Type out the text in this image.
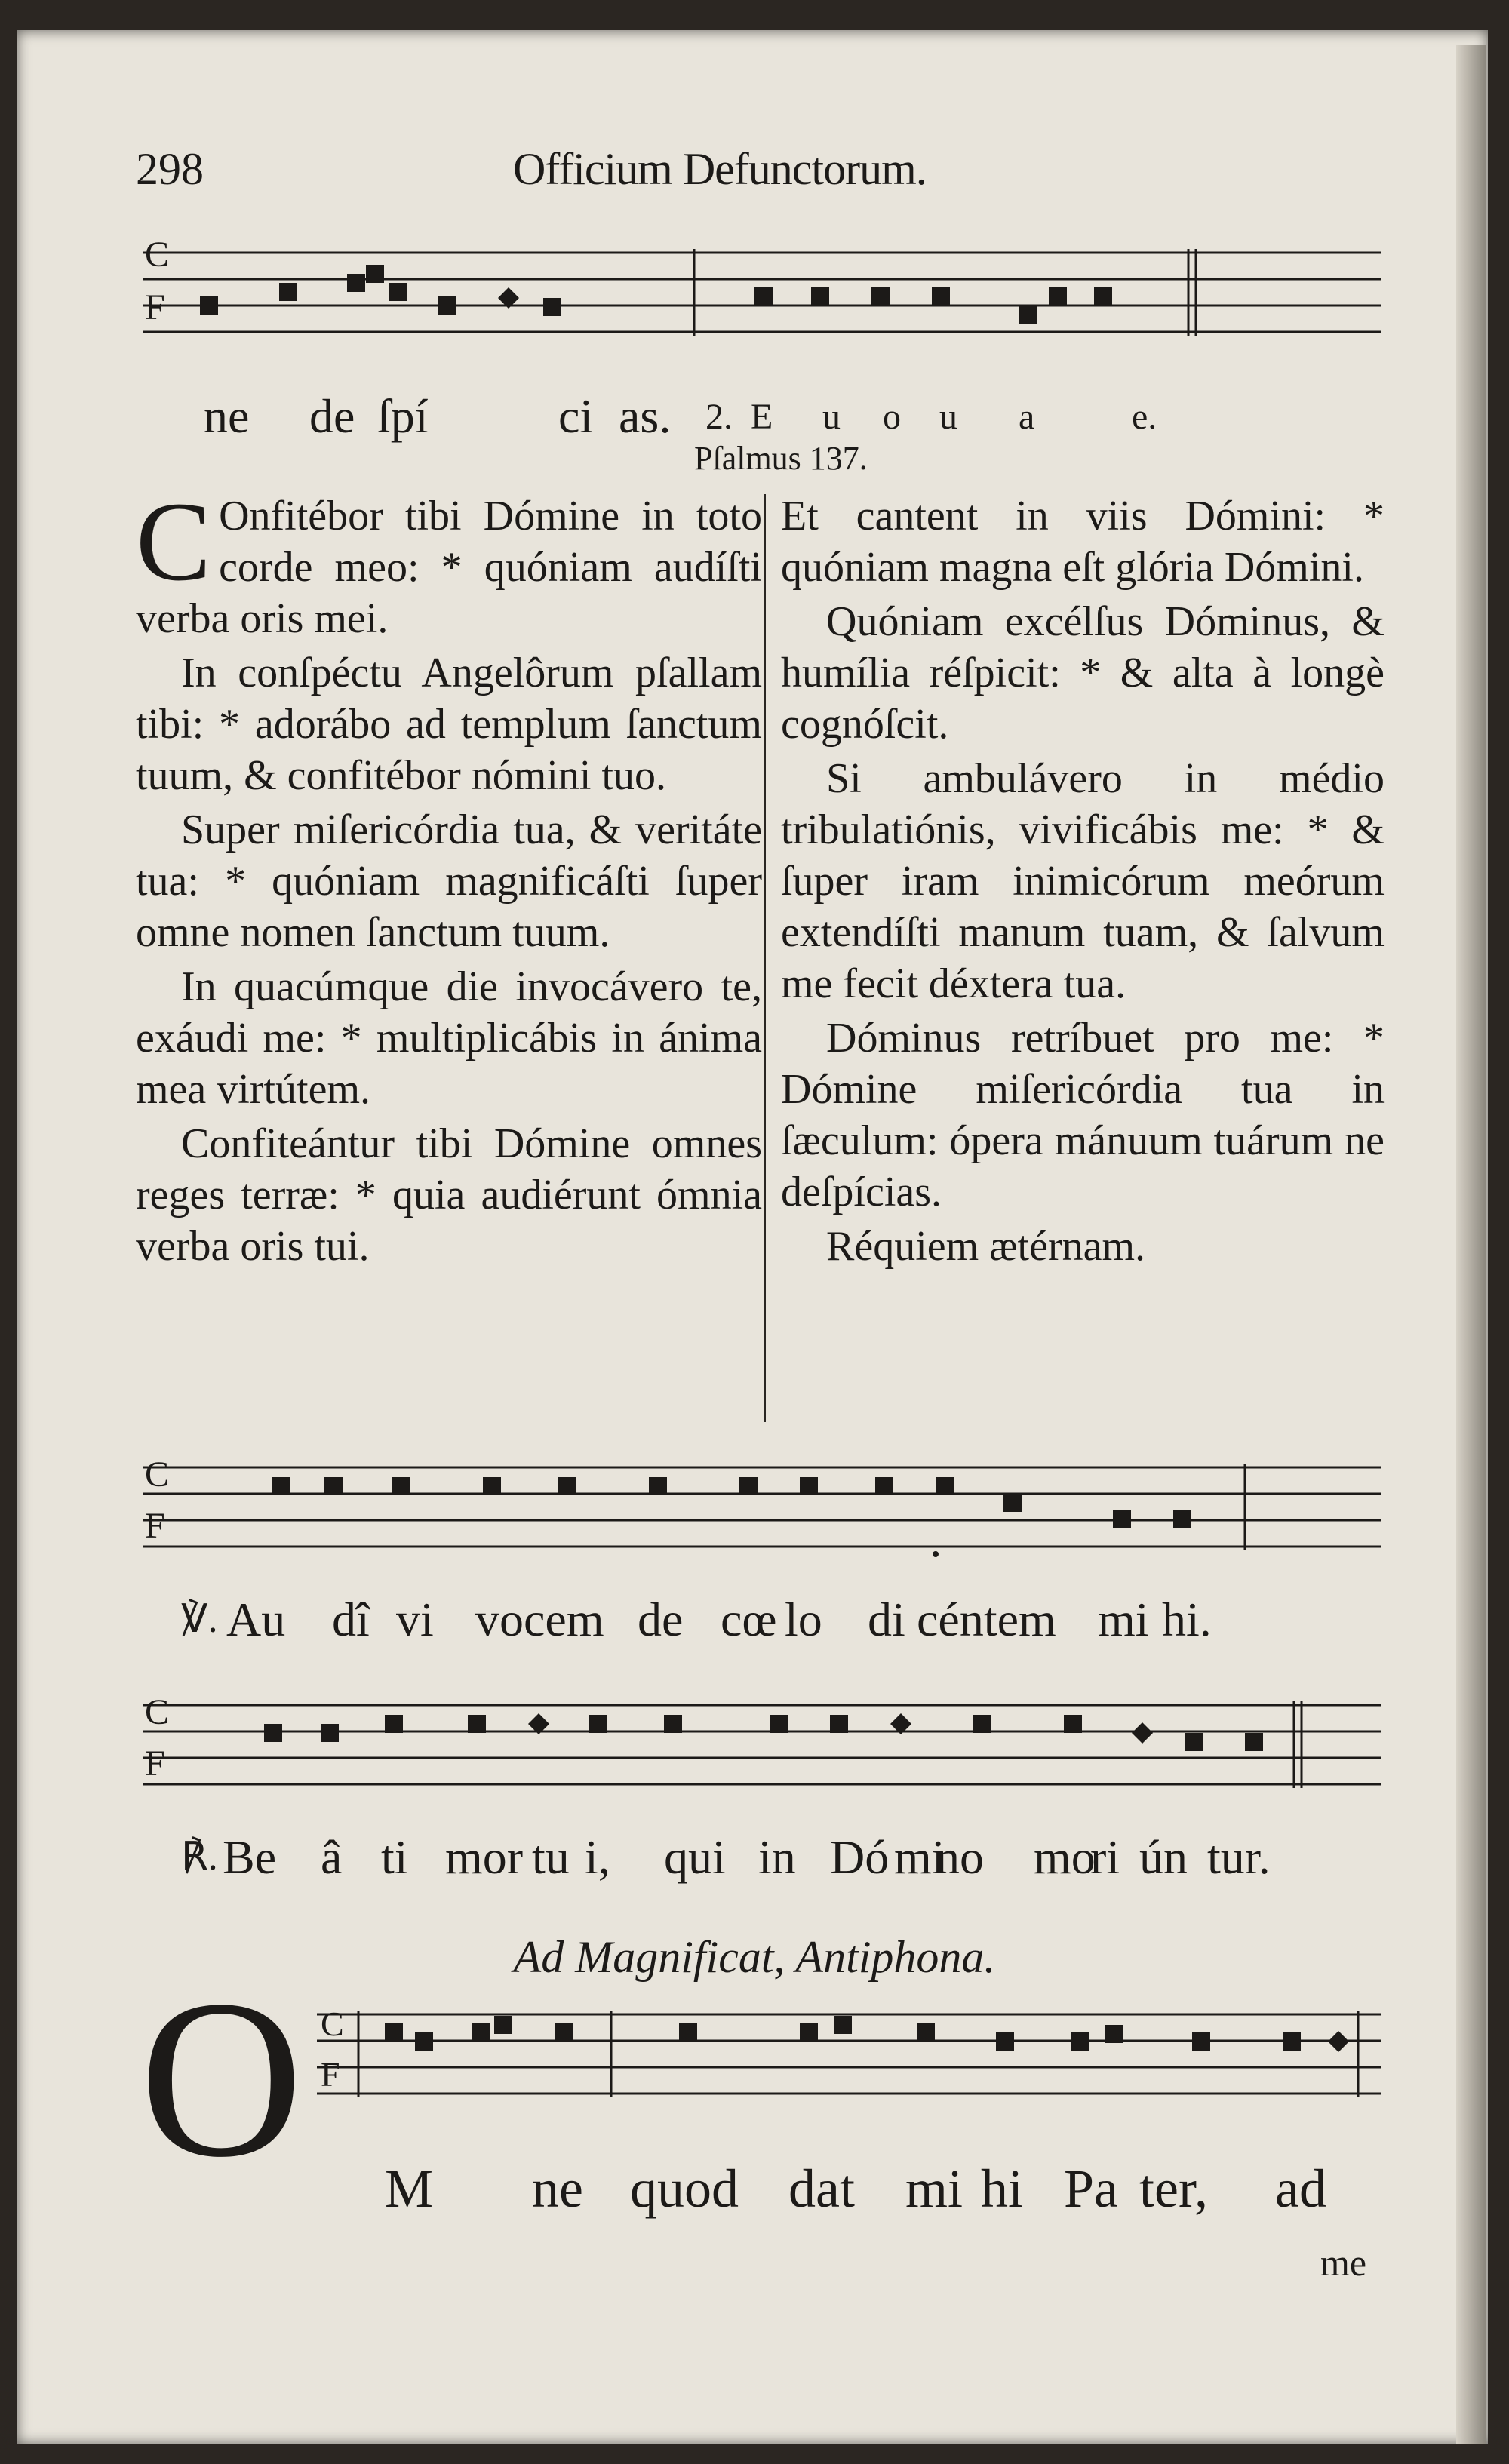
298	Officium Defunctorum.
C
F
ne de ſpí	ci as. 2. E u o u a	e.
Pſalmus 137.

C Onfitébor tibi Dómine in toto corde meo: * quóniam audíſti verba oris mei.

In conſpéctu Angelôrum pſallam tibi: * adorábo ad templum ſanctum tuum, & confitébor nómini tuo.

Super miſericórdia tua, & veritáte tua: * quóniam magnificáſti ſuper omne nomen ſanctum tuum.

In quacúmque die invocávero te, exáudi me: * multiplicábis in ánima mea virtútem.

Confiteántur tibi Dómine omnes reges terræ: * quia audiérunt ómnia verba oris tui.

Et cantent in viis Dómini: * quóniam magna eſt glória Dómini.

Quóniam excélſus Dóminus, & humília réſpicit: * & alta à longè cognóſcit.

Si ambulávero in médio tribulatiónis, vivificábis me: * & ſuper iram inimicórum meórum extendíſti manum tuam, & ſalvum me fecit déxtera tua.

Dóminus retríbuet pro me: * Dómine miſericórdia tua in ſæculum: ópera mánuum tuárum ne deſpícias.

Réquiem ætérnam.

C
F
℣. Au dî vi vocem de cœ lo di céntem mi hi.
C
F
℟. Be â ti mor tu i, qui in Dó mi
no mo
ri ún tur.
Ad Magnificat, Antiphona.
O C
F
M ne quod dat mi hi Pa ter, ad
me
